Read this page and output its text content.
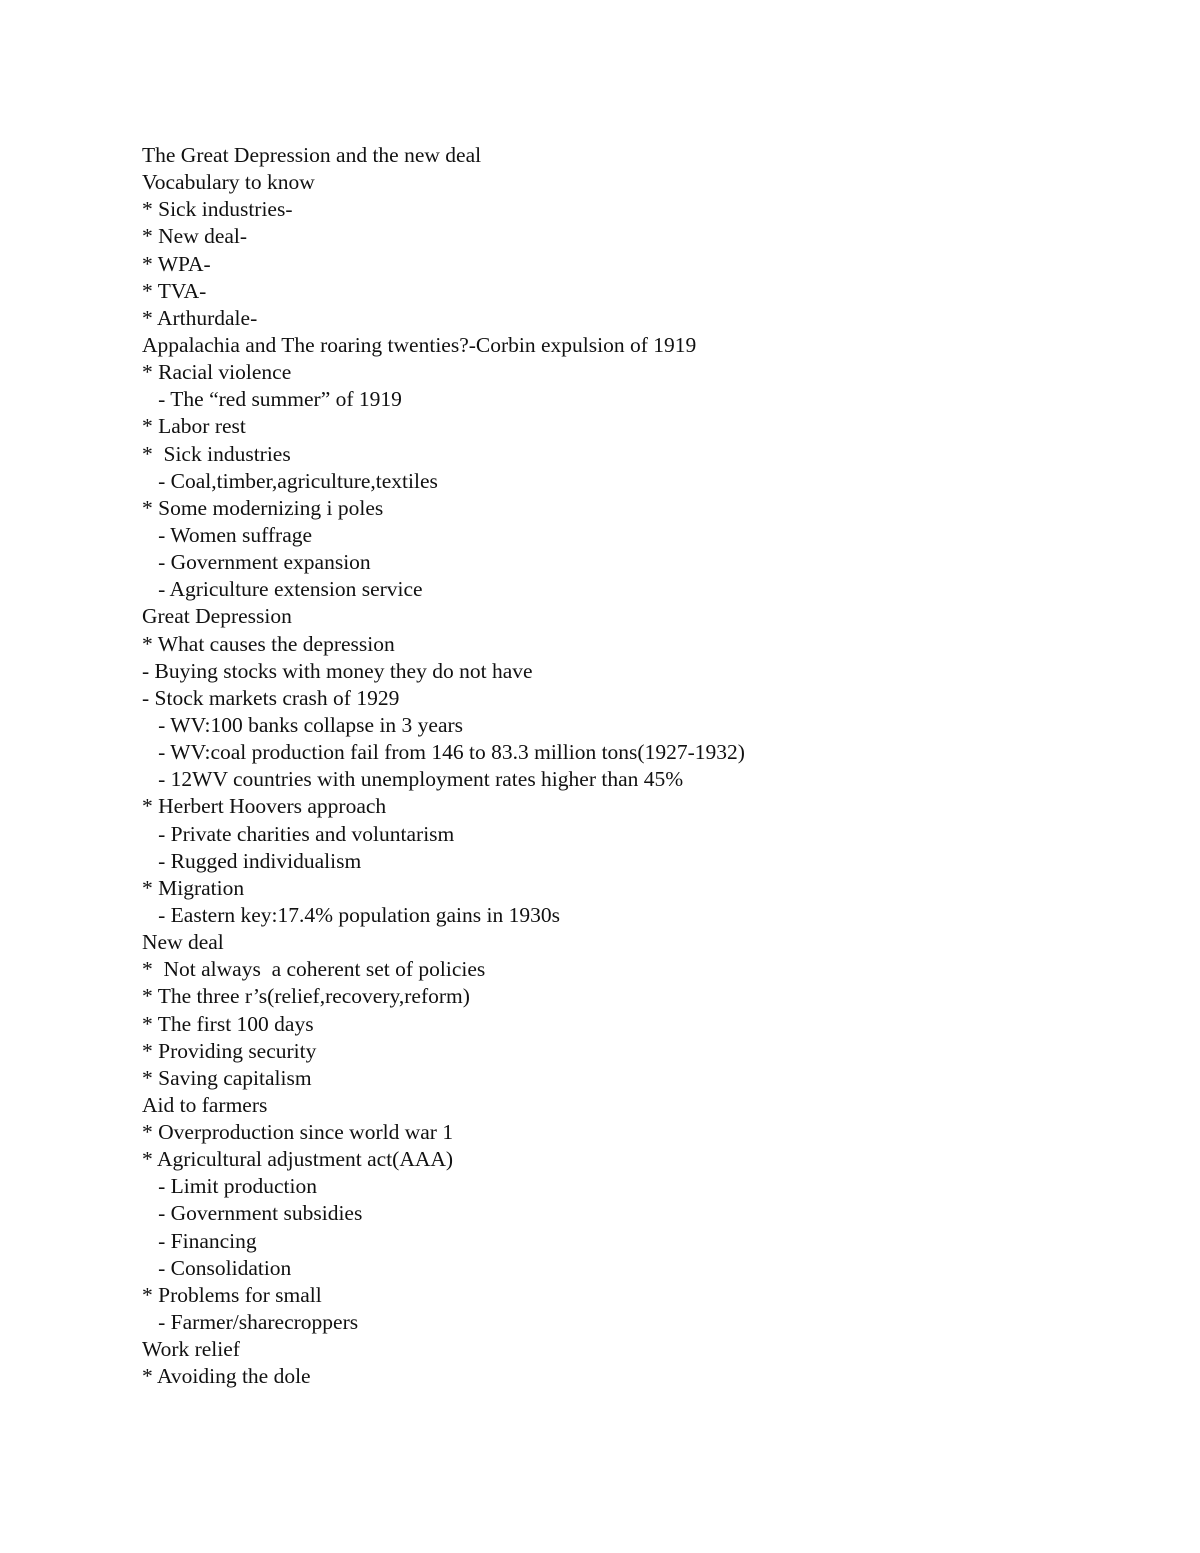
The Great Depression and the new deal
Vocabulary to know
* Sick industries-
* New deal-
* WPA-
* TVA-
* Arthurdale-
Appalachia and The roaring twenties?-Corbin expulsion of 1919
* Racial violence
- The “red summer” of 1919
* Labor rest
*  Sick industries
- Coal,timber,agriculture,textiles
* Some modernizing i poles
- Women suffrage
- Government expansion
- Agriculture extension service
Great Depression
* What causes the depression
- Buying stocks with money they do not have
- Stock markets crash of 1929
- WV:100 banks collapse in 3 years
- WV:coal production fail from 146 to 83.3 million tons(1927-1932)
- 12WV countries with unemployment rates higher than 45%
* Herbert Hoovers approach
- Private charities and voluntarism
- Rugged individualism
* Migration
- Eastern key:17.4% population gains in 1930s
New deal
*  Not always  a coherent set of policies
* The three r’s(relief,recovery,reform)
* The first 100 days
* Providing security
* Saving capitalism
Aid to farmers
* Overproduction since world war 1
* Agricultural adjustment act(AAA)
- Limit production
- Government subsidies
- Financing
- Consolidation
* Problems for small
- Farmer/sharecroppers
Work relief
* Avoiding the dole
